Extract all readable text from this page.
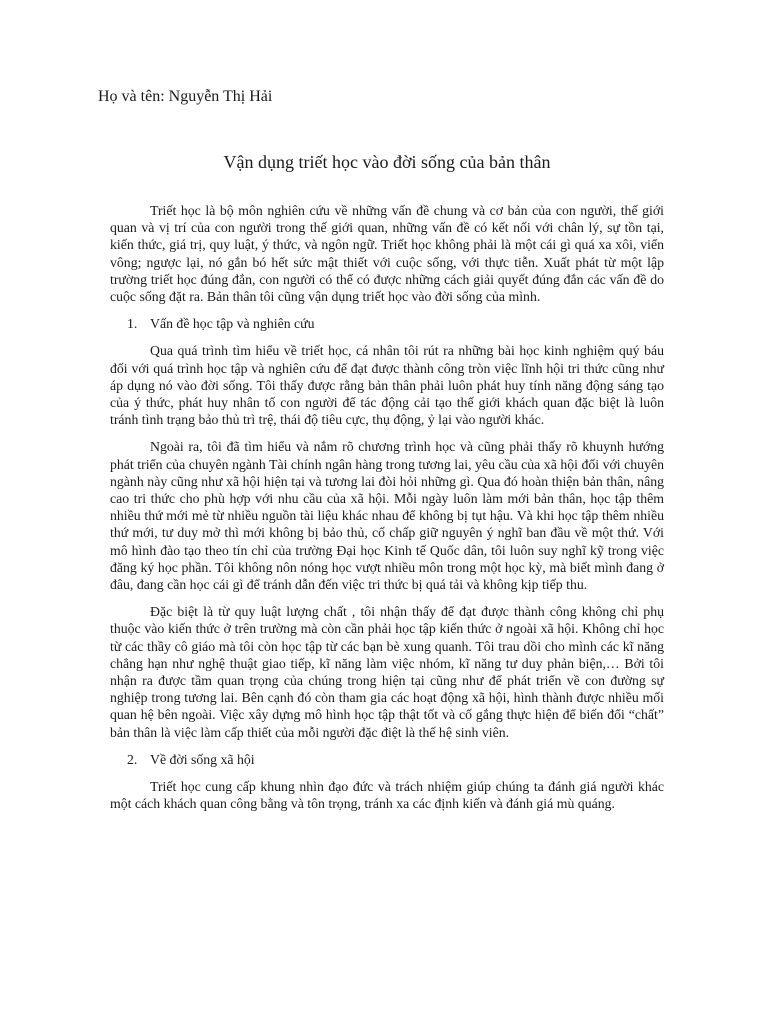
Họ và tên: Nguyễn Thị Hải
Vận dụng triết học vào đời sống của bản thân

Triết học là bộ môn nghiên cứu về những vấn đề chung và cơ bản của con người, thế giới quan và vị trí của con người trong thế giới quan, những vấn đề có kết nối với chân lý, sự tồn tại, kiến thức, giá trị, quy luật, ý thức, và ngôn ngữ. Triết học không phải là một cái gì quá xa xôi, viển vông; ngược lại, nó gắn bó hết sức mật thiết với cuộc sống, với thực tiễn. Xuất phát từ một lập trường triết học đúng đắn, con người có thể có được những cách giải quyết đúng đắn các vấn đề do cuộc sống đặt ra. Bản thân tôi cũng vận dụng triết học vào đời sống của mình.

1. Vấn đề học tập và nghiên cứu

Qua quá trình tìm hiểu về triết học, cá nhân tôi rút ra những bài học kinh nghiệm quý báu đối với quá trình học tập và nghiên cứu để đạt được thành công tròn việc lĩnh hội tri thức cũng như áp dụng nó vào đời sống. Tôi thấy được rằng bản thân phải luôn phát huy tính năng động sáng tạo của ý thức, phát huy nhân tố con người để tác động cải tạo thế giới khách quan đặc biệt là luôn tránh tình trạng bảo thủ trì trệ, thái độ tiêu cực, thụ động, ỷ lại vào người khác.

Ngoài ra, tôi đã tìm hiểu và nắm rõ chương trình học và cũng phải thấy rõ khuynh hướng phát triển của chuyên ngành Tài chính ngân hàng trong tương lai, yêu cầu của xã hội đối với chuyên ngành này cũng như xã hội hiện tại và tương lai đòi hỏi những gì. Qua đó hoàn thiện bản thân, nâng cao tri thức cho phù hợp với nhu cầu của xã hội. Mỗi ngày luôn làm mới bản thân, học tập thêm nhiều thứ mới mẻ từ nhiều nguồn tài liệu khác nhau để không bị tụt hậu. Và khi học tập thêm nhiều thứ mới, tư duy mở thì mới không bị bảo thủ, cố chấp giữ nguyên ý nghĩ ban đầu về một thứ. Với mô hình đào tạo theo tín chỉ của trường Đại học Kinh tế Quốc dân, tôi luôn suy nghĩ kỹ trong việc đăng ký học phần. Tôi không nôn nóng học vượt nhiều môn trong một học kỳ, mà biết mình đang ở đâu, đang cần học cái gì để tránh dẫn đến việc tri thức bị quá tải và không kịp tiếp thu.

Đặc biệt là từ quy luật lượng chất , tôi nhận thấy để đạt được thành công không chỉ phụ thuộc vào kiến thức ở trên trường mà còn cần phải học tập kiến thức ở ngoài xã hội. Không chỉ học từ các thầy cô giáo mà tôi còn học tập từ các bạn bè xung quanh. Tôi trau dồi cho mình các kĩ năng chẳng hạn như nghệ thuật giao tiếp, kĩ năng làm việc nhóm, kĩ năng tư duy phản biện,… Bởi tôi nhận ra được tầm quan trọng của chúng trong hiện tại cũng như để phát triển về con đường sự nghiệp trong tương lai. Bên cạnh đó còn tham gia các hoạt động xã hội, hình thành được nhiều mối quan hệ bên ngoài. Việc xây dựng mô hình học tập thật tốt và cố gắng thực hiện để biến đổi “chất” bản thân là việc làm cấp thiết của mỗi người đặc điệt là thế hệ sinh viên.

2. Về đời sống xã hội

Triết học cung cấp khung nhìn đạo đức và trách nhiệm giúp chúng ta đánh giá người khác một cách khách quan công bằng và tôn trọng, tránh xa các định kiến và đánh giá mù quáng.
